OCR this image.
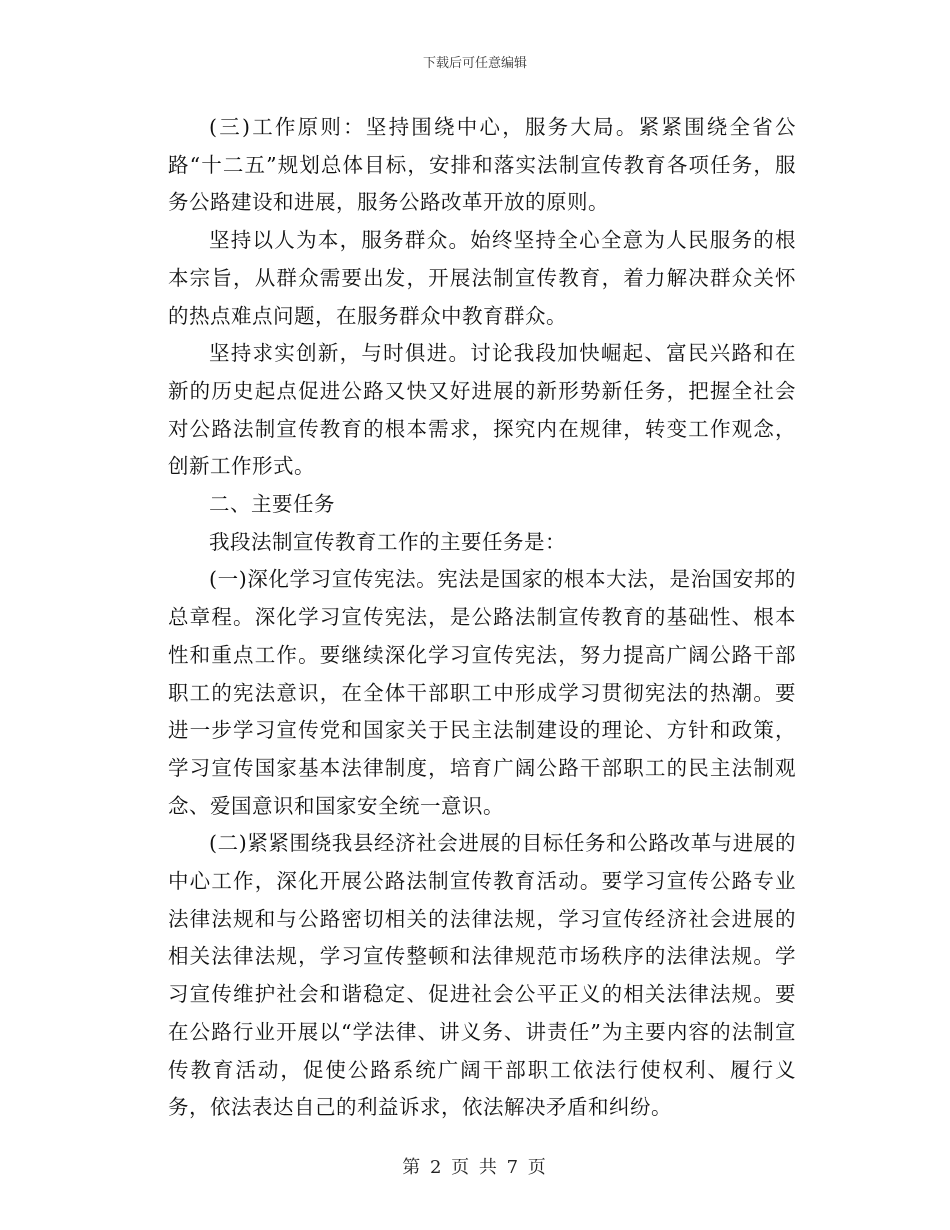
下载后可任意编辑

(三)工作原则：坚持围绕中心，服务大局。紧紧围绕全省公路“十二五”规划总体目标，安排和落实法制宣传教育各项任务，服务公路建设和进展，服务公路改革开放的原则。

坚持以人为本，服务群众。始终坚持全心全意为人民服务的根本宗旨，从群众需要出发，开展法制宣传教育，着力解决群众关怀的热点难点问题，在服务群众中教育群众。

坚持求实创新，与时俱进。讨论我段加快崛起、富民兴路和在新的历史起点促进公路又快又好进展的新形势新任务，把握全社会对公路法制宣传教育的根本需求，探究内在规律，转变工作观念，创新工作形式。

二、主要任务

我段法制宣传教育工作的主要任务是：

(一)深化学习宣传宪法。宪法是国家的根本大法，是治国安邦的总章程。深化学习宣传宪法，是公路法制宣传教育的基础性、根本性和重点工作。要继续深化学习宣传宪法，努力提高广阔公路干部职工的宪法意识，在全体干部职工中形成学习贯彻宪法的热潮。要进一步学习宣传党和国家关于民主法制建设的理论、方针和政策，学习宣传国家基本法律制度，培育广阔公路干部职工的民主法制观念、爱国意识和国家安全统一意识。

(二)紧紧围绕我县经济社会进展的目标任务和公路改革与进展的中心工作，深化开展公路法制宣传教育活动。要学习宣传公路专业法律法规和与公路密切相关的法律法规，学习宣传经济社会进展的相关法律法规，学习宣传整顿和法律规范市场秩序的法律法规。学习宣传维护社会和谐稳定、促进社会公平正义的相关法律法规。要在公路行业开展以“学法律、讲义务、讲责任”为主要内容的法制宣传教育活动，促使公路系统广阔干部职工依法行使权利、履行义务，依法表达自己的利益诉求，依法解决矛盾和纠纷。

第 2 页 共 7 页
